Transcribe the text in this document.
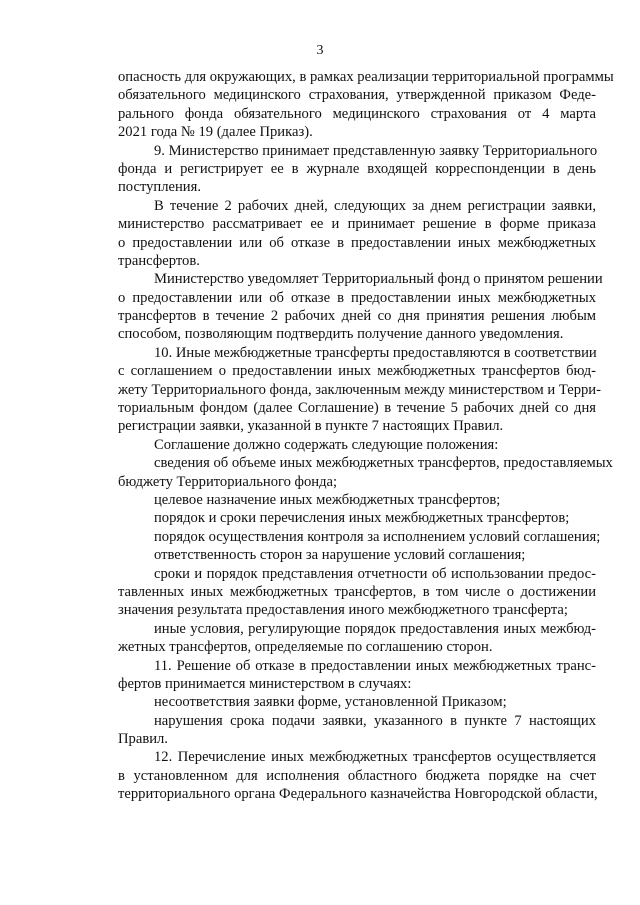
3
опасность для окружающих, в рамках реализации территориальной программы
обязательного медицинского страхования, утвержденной приказом Феде-
рального фонда обязательного медицинского страхования от 4 марта
2021 года № 19 (далее Приказ).
9. Министерство принимает представленную заявку Территориального
фонда и регистрирует ее в журнале входящей корреспонденции в день
поступления.
В течение 2 рабочих дней, следующих за днем регистрации заявки,
министерство рассматривает ее и принимает решение в форме приказа
о предоставлении или об отказе в предоставлении иных межбюджетных
трансфертов.
Министерство уведомляет Территориальный фонд о принятом решении
о предоставлении или об отказе в предоставлении иных межбюджетных
трансфертов в течение 2 рабочих дней со дня принятия решения любым
способом, позволяющим подтвердить получение данного уведомления.
10. Иные межбюджетные трансферты предоставляются в соответствии
с соглашением о предоставлении иных межбюджетных трансфертов бюд-
жету Территориального фонда, заключенным между министерством и Терри-
ториальным фондом (далее Соглашение) в течение 5 рабочих дней со дня
регистрации заявки, указанной в пункте 7 настоящих Правил.
Соглашение должно содержать следующие положения:
сведения об объеме иных межбюджетных трансфертов, предоставляемых
бюджету Территориального фонда;
целевое назначение иных межбюджетных трансфертов;
порядок и сроки перечисления иных межбюджетных трансфертов;
порядок осуществления контроля за исполнением условий соглашения;
ответственность сторон за нарушение условий соглашения;
сроки и порядок представления отчетности об использовании предос-
тавленных иных межбюджетных трансфертов, в том числе о достижении
значения результата предоставления иного межбюджетного трансферта;
иные условия, регулирующие порядок предоставления иных межбюд-
жетных трансфертов, определяемые по соглашению сторон.
11. Решение об отказе в предоставлении иных межбюджетных транс-
фертов принимается министерством в случаях:
несоответствия заявки форме, установленной Приказом;
нарушения срока подачи заявки, указанного в пункте 7 настоящих
Правил.
12. Перечисление иных межбюджетных трансфертов осуществляется
в установленном для исполнения областного бюджета порядке на счет
территориального органа Федерального казначейства Новгородской области,
